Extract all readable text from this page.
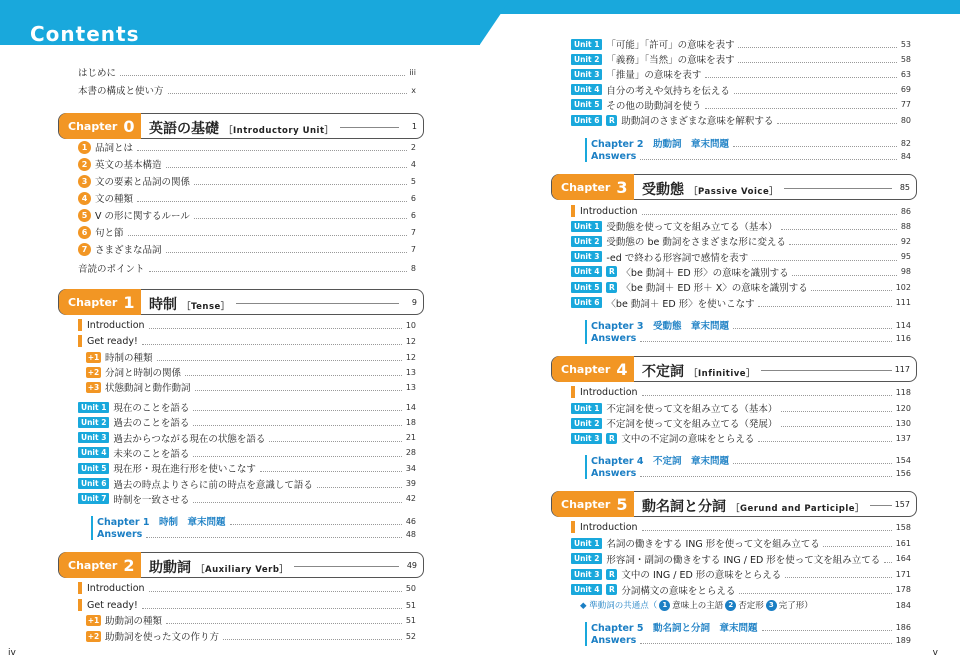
Contents
iv	v
はじめに	iii
本書の構成と使い方	x
Chapter 0 英語の基礎 ［Introductory Unit］	1
1 品詞とは	2
2 英文の基本構造	4
3 文の要素と品詞の関係	5
4 文の種類	6
5 V の形に関するルール	6
6 句と節	7
7 さまざまな品詞	7
音読のポイント	8
Chapter 1 時制 ［Tense］	9
Introduction	10
Get ready!	12
+1 時制の種類	12
+2 分詞と時制の関係	13
+3 状態動詞と動作動詞	13
Unit 1 現在のことを語る	14
Unit 2 過去のことを語る	18
Unit 3 過去からつながる現在の状態を語る	21
Unit 4 未来のことを語る	28
Unit 5 現在形・現在進行形を使いこなす	34
Unit 6 過去の時点よりさらに前の時点を意識して語る	39
Unit 7 時制を一致させる	42
Chapter 1　時制　章末問題	46
Answers	48
Chapter 2 助動詞 ［Auxiliary Verb］	49
Introduction	50
Get ready!	51
+1 助動詞の種類	51
+2 助動詞を使った文の作り方	52
Unit 1 「可能」「許可」の意味を表す	53
Unit 2 「義務」「当然」の意味を表す	58
Unit 3 「推量」の意味を表す	63
Unit 4 自分の考えや気持ちを伝える	69
Unit 5 その他の助動詞を使う	77
Unit 6	R 助動詞のさまざまな意味を解釈する	80
Chapter 2　助動詞　章末問題	82
Answers	84
Chapter 3 受動態 ［Passive Voice］	85
Introduction	86
Unit 1 受動態を使って文を組み立てる（基本）	88
Unit 2 受動態の be 動詞をさまざまな形に変える	92
Unit 3 -ed で終わる形容詞で感情を表す	95
Unit 4	R 〈be 動詞＋ ED 形〉の意味を識別する	98
Unit 5	R 〈be 動詞＋ ED 形＋ X〉の意味を識別する	102
Unit 6 〈be 動詞＋ ED 形〉を使いこなす	111
Chapter 3　受動態　章末問題	114
Answers	116
Chapter 4 不定詞 ［Infinitive］	117
Introduction	118
Unit 1 不定詞を使って文を組み立てる（基本）	120
Unit 2 不定詞を使って文を組み立てる（発展）	130
Unit 3	R 文中の不定詞の意味をとらえる	137
Chapter 4　不定詞　章末問題	154
Answers	156
Chapter 5 動名詞と分詞 ［Gerund and Participle］	157
Introduction	158
Unit 1 名詞の働きをする ING 形を使って文を組み立てる	161
Unit 2 形容詞・副詞の働きをする ING / ED 形を使って文を組み立てる 164
Unit 3	R 文中の ING / ED 形の意味をとらえる	171
Unit 4	R 分詞構文の意味をとらえる	178
◆ 準動詞の共通点（ 1 意味上の主語 2 否定形 3 完了形）	184
Chapter 5　動名詞と分詞　章末問題	186
Answers	189
